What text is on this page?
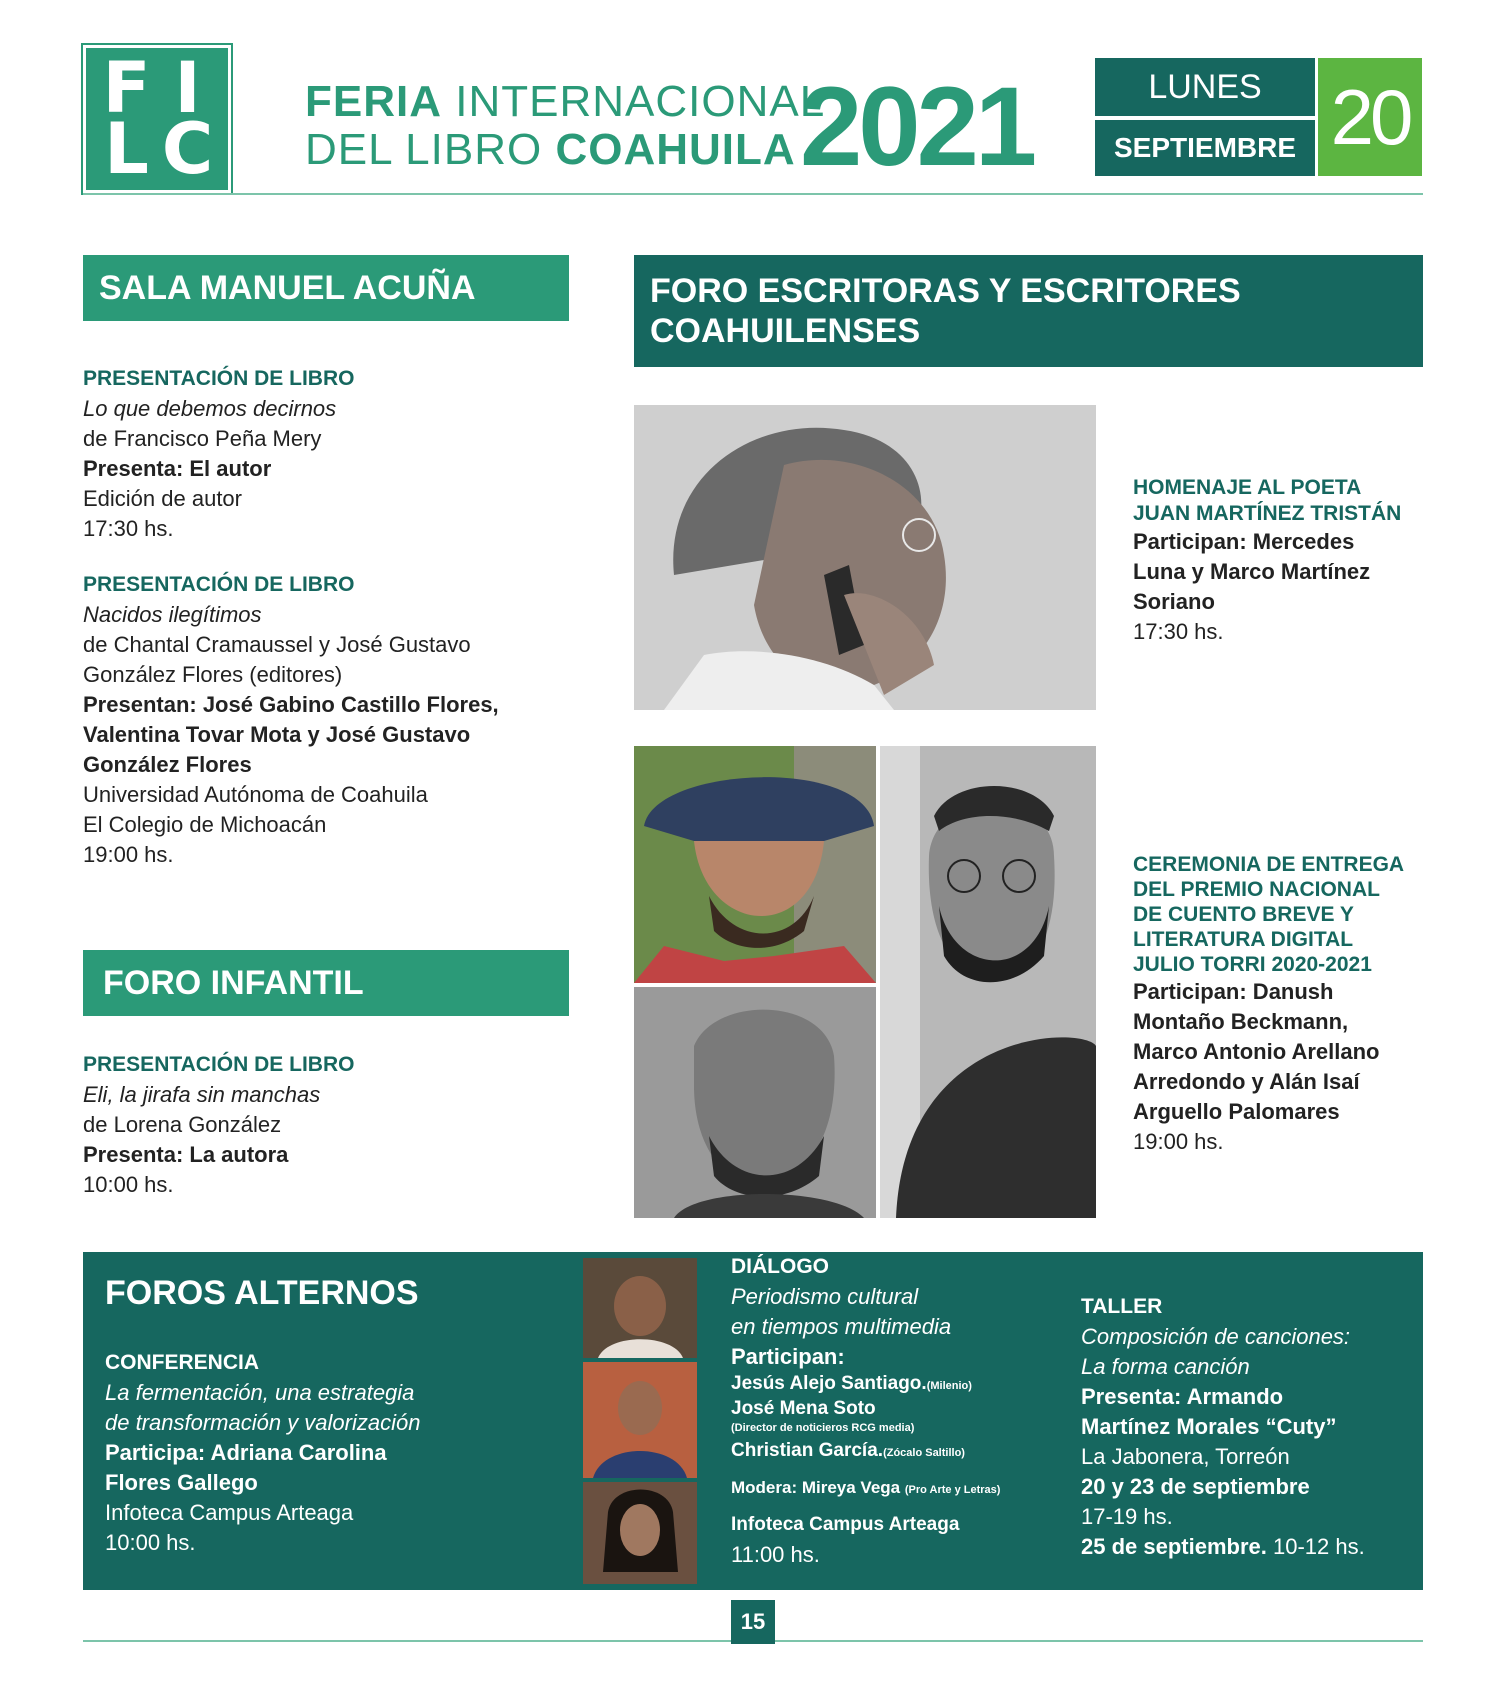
F I
L C
FERIA INTERNACIONAL
DEL LIBRO COAHUILA 2021	LUNES
SEPTIEMBRE 20
SALA MANUEL ACUÑA
PRESENTACIÓN DE LIBRO
Lo que debemos decirnos
de Francisco Peña Mery
Presenta: El autor
Edición de autor
17:30 hs.
PRESENTACIÓN DE LIBRO
Nacidos ilegítimos
de Chantal Cramaussel y José Gustavo
González Flores (editores)
Presentan: José Gabino Castillo Flores,
Valentina Tovar Mota y José Gustavo
González Flores
Universidad Autónoma de Coahuila
El Colegio de Michoacán
19:00 hs.
FORO INFANTIL
PRESENTACIÓN DE LIBRO
Eli, la jirafa sin manchas
de Lorena González
Presenta: La autora
10:00 hs.
FORO ESCRITORAS Y ESCRITORES
COAHUILENSES
HOMENAJE AL POETA
JUAN MARTÍNEZ TRISTÁN
Participan: Mercedes
Luna y Marco Martínez
Soriano
17:30 hs.
CEREMONIA DE ENTREGA
DEL PREMIO NACIONAL
DE CUENTO BREVE Y
LITERATURA DIGITAL
JULIO TORRI 2020-2021
Participan: Danush
Montaño Beckmann,
Marco Antonio Arellano
Arredondo y Alán Isaí
Arguello Palomares
19:00 hs.
FOROS ALTERNOS
CONFERENCIA
La fermentación, una estrategia
de transformación y valorización
Participa: Adriana Carolina
Flores Gallego
Infoteca Campus Arteaga
10:00 hs.
DIÁLOGO
Periodismo cultural
en tiempos multimedia
Participan:
Jesús Alejo Santiago.(Milenio)
José Mena Soto
(Director de noticieros RCG media)
Christian García.(Zócalo Saltillo)
Modera: Mireya Vega (Pro Arte y Letras)
Infoteca Campus Arteaga
11:00 hs.
TALLER
Composición de canciones:
La forma canción
Presenta: Armando
Martínez Morales “Cuty”
La Jabonera, Torreón
20 y 23 de septiembre
17-19 hs.
25 de septiembre. 10-12 hs.
15
